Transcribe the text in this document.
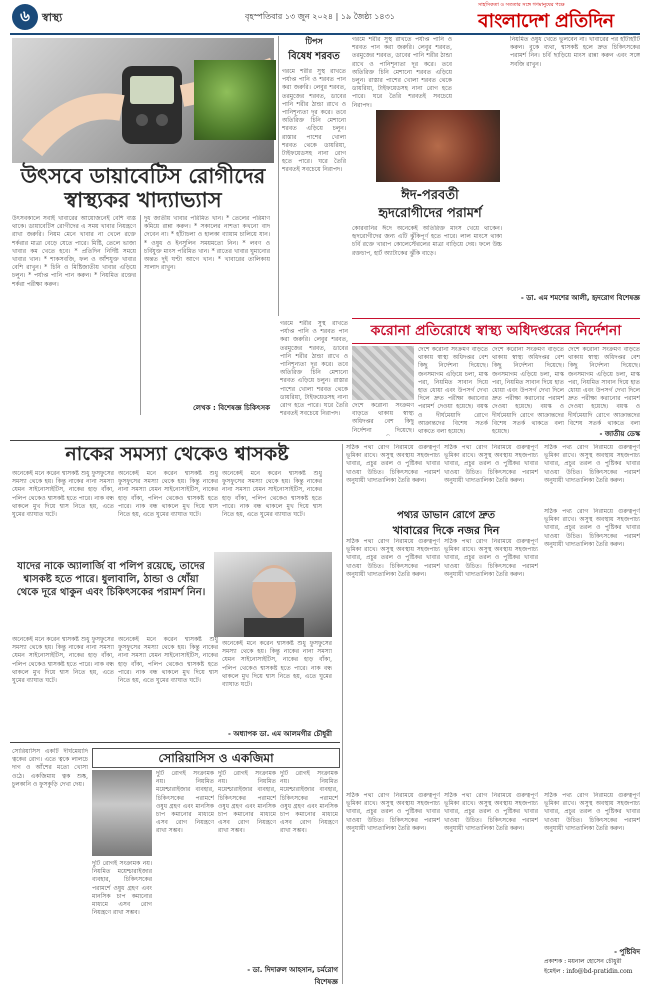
৬	স্বাস্থ্য	বৃহস্পতিবার ১৩ জুন ২০২৪ | ১৯ জৈষ্ঠ্য ১৪৩১
সাহসিকতা ও সততার সঙ্গে গণমানুষের পক্ষে
বাংলাদেশ প্রতিদিন
উৎসবে ডায়াবেটিস রোগীদের
স্বাস্থ্যকর খাদ্যাভ্যাস
উৎসবকালে সবাই খাবারের আয়োজনেই বেশি ব্যস্ত থাকে। ডায়াবেটিস রোগীদের এ সময় খাবার নিয়ন্ত্রণে রাখা জরুরি। নিয়ম মেনে খাবার না খেলে রক্তে শর্করার মাত্রা বেড়ে যেতে পারে। মিষ্টি, তেলে ভাজা খাবার কম খেতে হবে। * প্রতিদিন নির্দিষ্ট সময়ে খাবার খান। * শাকসবজি, ফল ও আঁশযুক্ত খাবার বেশি রাখুন। * চিনি ও মিষ্টিজাতীয় খাবার এড়িয়ে চলুন। * পর্যাপ্ত পানি পান করুন। * নিয়মিত রক্তের শর্করা পরীক্ষা করুন।
দুধ জাতীয় খাবার পরিমিত খান। * তেলের পরিমাণ কমিয়ে রান্না করুন। * সকালের নাশতা কখনো বাদ দেবেন না। * হাঁটাচলা ও হালকা ব্যায়াম চালিয়ে যান। * ওষুধ ও ইনসুলিন সময়মতো নিন। * লবণ ও চর্বিযুক্ত মাংস পরিমিত খান। * রাতের খাবার ঘুমানোর অন্তত দুই ঘণ্টা আগে খান। * খাবারের তালিকায় সালাদ রাখুন।
লেখক : বিশেষজ্ঞ চিকিৎসক
টিপস
বিষেধ শরবত
গরমে শরীর সুস্থ রাখতে পর্যাপ্ত পানি ও শরবত পান করা জরুরি। লেবুর শরবত, তরমুজের শরবত, ডাবের পানি শরীর ঠান্ডা রাখে ও পানিশূন্যতা দূর করে। তবে অতিরিক্ত চিনি মেশানো শরবত এড়িয়ে চলুন। রাস্তার পাশের খোলা শরবত থেকে ডায়রিয়া, টাইফয়েডসহ নানা রোগ হতে পারে। ঘরে তৈরি শরবতই সবচেয়ে নিরাপদ।
গরমে শরীর সুস্থ রাখতে পর্যাপ্ত পানি ও শরবত পান করা জরুরি। লেবুর শরবত, তরমুজের শরবত, ডাবের পানি শরীর ঠান্ডা রাখে ও পানিশূন্যতা দূর করে। তবে অতিরিক্ত চিনি মেশানো শরবত এড়িয়ে চলুন। রাস্তার পাশের খোলা শরবত থেকে ডায়রিয়া, টাইফয়েডসহ নানা রোগ হতে পারে। ঘরে তৈরি শরবতই সবচেয়ে নিরাপদ।
নিয়মিত ওষুধ খেতে ভুলবেন না। খাবারের পর হাঁটাহাঁটি করুন। বুকে ব্যথা, শ্বাসকষ্ট হলে দ্রুত চিকিৎসকের পরামর্শ নিন। চর্বি ছাড়িয়ে মাংস রান্না করুন এবং সঙ্গে সবজি রাখুন।
ঈদ-পরবর্তী
হৃদরোগীদের পরামর্শ
কোরবানির ঈদে অনেকেই অতিরিক্ত মাংস খেয়ে থাকেন। হৃদরোগীদের জন্য এটি ঝুঁকিপূর্ণ হতে পারে। লাল মাংসে থাকা চর্বি রক্তে খারাপ কোলেস্টেরলের মাত্রা বাড়িয়ে দেয়। ফলে উচ্চ রক্তচাপ, হার্ট অ্যাটাকের ঝুঁকি বাড়ে।
- ডা. এম শমশের আলী, হৃদরোগ বিশেষজ্ঞ
করোনা প্রতিরোধে স্বাস্থ্য অধিদপ্তরের নির্দেশনা
গরমে শরীর সুস্থ রাখতে পর্যাপ্ত পানি ও শরবত পান করা জরুরি। লেবুর শরবত, তরমুজের শরবত, ডাবের পানি শরীর ঠান্ডা রাখে ও পানিশূন্যতা দূর করে। তবে অতিরিক্ত চিনি মেশানো শরবত এড়িয়ে চলুন। রাস্তার পাশের খোলা শরবত থেকে ডায়রিয়া, টাইফয়েডসহ নানা রোগ হতে পারে। ঘরে তৈরি শরবতই সবচেয়ে নিরাপদ।
দেশে করোনা সংক্রমণ বাড়তে থাকায় স্বাস্থ্য অধিদপ্তর বেশ কিছু নির্দেশনা দিয়েছে।
দেশে করোনা সংক্রমণ বাড়তে থাকায় স্বাস্থ্য অধিদপ্তর বেশ কিছু নির্দেশনা দিয়েছে। জনসমাগম এড়িয়ে চলা, মাস্ক পরা, নিয়মিত সাবান দিয়ে হাত ধোয়া এবং উপসর্গ দেখা দিলে দ্রুত পরীক্ষা করানোর পরামর্শ দেওয়া হয়েছে। বয়স্ক ও দীর্ঘমেয়াদি রোগে আক্রান্তদের বিশেষ সতর্ক থাকতে বলা হয়েছে।
দেশে করোনা সংক্রমণ বাড়তে থাকায় স্বাস্থ্য অধিদপ্তর বেশ কিছু নির্দেশনা দিয়েছে। জনসমাগম এড়িয়ে চলা, মাস্ক পরা, নিয়মিত সাবান দিয়ে হাত ধোয়া এবং উপসর্গ দেখা দিলে দ্রুত পরীক্ষা করানোর পরামর্শ দেওয়া হয়েছে। বয়স্ক ও দীর্ঘমেয়াদি রোগে আক্রান্তদের বিশেষ সতর্ক থাকতে বলা হয়েছে।
দেশে করোনা সংক্রমণ বাড়তে থাকায় স্বাস্থ্য অধিদপ্তর বেশ কিছু নির্দেশনা দিয়েছে। জনসমাগম এড়িয়ে চলা, মাস্ক পরা, নিয়মিত সাবান দিয়ে হাত ধোয়া এবং উপসর্গ দেখা দিলে দ্রুত পরীক্ষা করানোর পরামর্শ দেওয়া হয়েছে। বয়স্ক ও দীর্ঘমেয়াদি রোগে আক্রান্তদের বিশেষ সতর্ক থাকতে বলা
- জাতীয় ডেস্ক
নাকের সমস্যা থেকেও শ্বাসকষ্ট
অনেকেই মনে করেন শ্বাসকষ্ট শুধু ফুসফুসের সমস্যা থেকে হয়। কিন্তু নাকের নানা সমস্যা যেমন সাইনোসাইটিস, নাকের হাড় বাঁকা, পলিপ থেকেও শ্বাসকষ্ট হতে পারে। নাক বন্ধ থাকলে মুখ দিয়ে শ্বাস নিতে হয়, এতে ঘুমের ব্যাঘাত ঘটে।
অনেকেই মনে করেন শ্বাসকষ্ট শুধু ফুসফুসের সমস্যা থেকে হয়। কিন্তু নাকের নানা সমস্যা যেমন সাইনোসাইটিস, নাকের হাড় বাঁকা, পলিপ থেকেও শ্বাসকষ্ট হতে পারে। নাক বন্ধ থাকলে মুখ দিয়ে শ্বাস নিতে হয়, এতে ঘুমের ব্যাঘাত ঘটে।
অনেকেই মনে করেন শ্বাসকষ্ট শুধু ফুসফুসের সমস্যা থেকে হয়। কিন্তু নাকের নানা সমস্যা যেমন সাইনোসাইটিস, নাকের হাড় বাঁকা, পলিপ থেকেও শ্বাসকষ্ট হতে পারে। নাক বন্ধ থাকলে মুখ দিয়ে শ্বাস নিতে হয়, এতে ঘুমের ব্যাঘাত ঘটে।
যাদের নাকে অ্যালার্জি বা পলিপ রয়েছে, তাদের শ্বাসকষ্ট হতে পারে। ধুলাবালি, ঠান্ডা ও ধোঁয়া থেকে দূরে থাকুন এবং চিকিৎসকের পরামর্শ নিন।
অনেকেই মনে করেন শ্বাসকষ্ট শুধু ফুসফুসের সমস্যা থেকে হয়। কিন্তু নাকের নানা সমস্যা যেমন সাইনোসাইটিস, নাকের হাড় বাঁকা, পলিপ থেকেও শ্বাসকষ্ট হতে পারে। নাক বন্ধ থাকলে মুখ দিয়ে শ্বাস নিতে হয়, এতে ঘুমের ব্যাঘাত ঘটে।
অনেকেই মনে করেন শ্বাসকষ্ট শুধু ফুসফুসের সমস্যা থেকে হয়। কিন্তু নাকের নানা সমস্যা যেমন সাইনোসাইটিস, নাকের হাড় বাঁকা, পলিপ থেকেও শ্বাসকষ্ট হতে পারে। নাক বন্ধ থাকলে মুখ দিয়ে শ্বাস নিতে হয়, এতে ঘুমের ব্যাঘাত ঘটে।
অনেকেই মনে করেন শ্বাসকষ্ট শুধু ফুসফুসের সমস্যা থেকে হয়। কিন্তু নাকের নানা সমস্যা যেমন সাইনোসাইটিস, নাকের হাড় বাঁকা, পলিপ থেকেও শ্বাসকষ্ট হতে পারে। নাক বন্ধ থাকলে মুখ দিয়ে শ্বাস নিতে হয়, এতে ঘুমের ব্যাঘাত ঘটে।
- অধ্যাপক ডা. এম আলমগীর চৌধুরী
সঠিক পথ্য রোগ নিরাময়ে গুরুত্বপূর্ণ ভূমিকা রাখে। অসুস্থ অবস্থায় সহজপাচ্য খাবার, প্রচুর তরল ও পুষ্টিকর খাবার খাওয়া উচিত। চিকিৎসকের পরামর্শ অনুযায়ী খাদ্যতালিকা তৈরি করুন।
সঠিক পথ্য রোগ নিরাময়ে গুরুত্বপূর্ণ ভূমিকা রাখে। অসুস্থ অবস্থায় সহজপাচ্য খাবার, প্রচুর তরল ও পুষ্টিকর খাবার খাওয়া উচিত। চিকিৎসকের পরামর্শ অনুযায়ী খাদ্যতালিকা তৈরি করুন।
সঠিক পথ্য রোগ নিরাময়ে গুরুত্বপূর্ণ ভূমিকা রাখে। অসুস্থ অবস্থায় সহজপাচ্য খাবার, প্রচুর তরল ও পুষ্টিকর খাবার খাওয়া উচিত। চিকিৎসকের পরামর্শ অনুযায়ী খাদ্যতালিকা তৈরি করুন।
পথ্যর ডাভান রোগে দ্রুত
খাবারের দিকে নজর দিন
সঠিক পথ্য রোগ নিরাময়ে গুরুত্বপূর্ণ ভূমিকা রাখে। অসুস্থ অবস্থায় সহজপাচ্য খাবার, প্রচুর তরল ও পুষ্টিকর খাবার খাওয়া উচিত। চিকিৎসকের পরামর্শ অনুযায়ী খাদ্যতালিকা তৈরি করুন।
সঠিক পথ্য রোগ নিরাময়ে গুরুত্বপূর্ণ ভূমিকা রাখে। অসুস্থ অবস্থায় সহজপাচ্য খাবার, প্রচুর তরল ও পুষ্টিকর খাবার খাওয়া উচিত। চিকিৎসকের পরামর্শ অনুযায়ী খাদ্যতালিকা তৈরি করুন।
সঠিক পথ্য রোগ নিরাময়ে গুরুত্বপূর্ণ ভূমিকা রাখে। অসুস্থ অবস্থায় সহজপাচ্য খাবার, প্রচুর তরল ও পুষ্টিকর খাবার খাওয়া উচিত। চিকিৎসকের পরামর্শ অনুযায়ী খাদ্যতালিকা তৈরি করুন।
সঠিক পথ্য রোগ নিরাময়ে গুরুত্বপূর্ণ ভূমিকা রাখে। অসুস্থ অবস্থায় সহজপাচ্য খাবার, প্রচুর তরল ও পুষ্টিকর খাবার খাওয়া উচিত। চিকিৎসকের পরামর্শ অনুযায়ী খাদ্যতালিকা তৈরি করুন।
সঠিক পথ্য রোগ নিরাময়ে গুরুত্বপূর্ণ ভূমিকা রাখে। অসুস্থ অবস্থায় সহজপাচ্য খাবার, প্রচুর তরল ও পুষ্টিকর খাবার খাওয়া উচিত। চিকিৎসকের পরামর্শ অনুযায়ী খাদ্যতালিকা তৈরি করুন।
সঠিক পথ্য রোগ নিরাময়ে গুরুত্বপূর্ণ ভূমিকা রাখে। অসুস্থ অবস্থায় সহজপাচ্য খাবার, প্রচুর তরল ও পুষ্টিকর খাবার খাওয়া উচিত। চিকিৎসকের পরামর্শ অনুযায়ী খাদ্যতালিকা তৈরি করুন।
- পুষ্টিবিদ
প্রকাশক : ময়নাল হোসেন চৌধুরী
ইমেইল : info@bd-pratidin.com
সোরিয়াসিস একটি দীর্ঘমেয়াদি ত্বকের রোগ। এতে ত্বকে লালচে দাগ ও আঁশের মতো খোসা ওঠে। একজিমায় ত্বক শুষ্ক, চুলকানি ও ফুসকুড়ি দেখা দেয়।
সোরিয়াসিস ও একজিমা
দুটি রোগই সংক্রামক নয়। নিয়মিত ময়েশ্চারাইজার ব্যবহার, চিকিৎসকের পরামর্শে ওষুধ গ্রহণ এবং মানসিক চাপ কমানোর মাধ্যমে এসব রোগ নিয়ন্ত্রণে রাখা সম্ভব।
দুটি রোগই সংক্রামক নয়। নিয়মিত ময়েশ্চারাইজার ব্যবহার, চিকিৎসকের পরামর্শে ওষুধ গ্রহণ এবং মানসিক চাপ কমানোর মাধ্যমে এসব রোগ নিয়ন্ত্রণে রাখা সম্ভব।
দুটি রোগই সংক্রামক নয়। নিয়মিত ময়েশ্চারাইজার ব্যবহার, চিকিৎসকের পরামর্শে ওষুধ গ্রহণ এবং মানসিক চাপ কমানোর মাধ্যমে এসব রোগ নিয়ন্ত্রণে রাখা সম্ভব।
দুটি রোগই সংক্রামক নয়। নিয়মিত ময়েশ্চারাইজার ব্যবহার, চিকিৎসকের পরামর্শে ওষুধ গ্রহণ এবং মানসিক চাপ কমানোর মাধ্যমে এসব রোগ নিয়ন্ত্রণে রাখা সম্ভব।
- ডা. দিদারুল আহসান, চর্মরোগ বিশেষজ্ঞ
